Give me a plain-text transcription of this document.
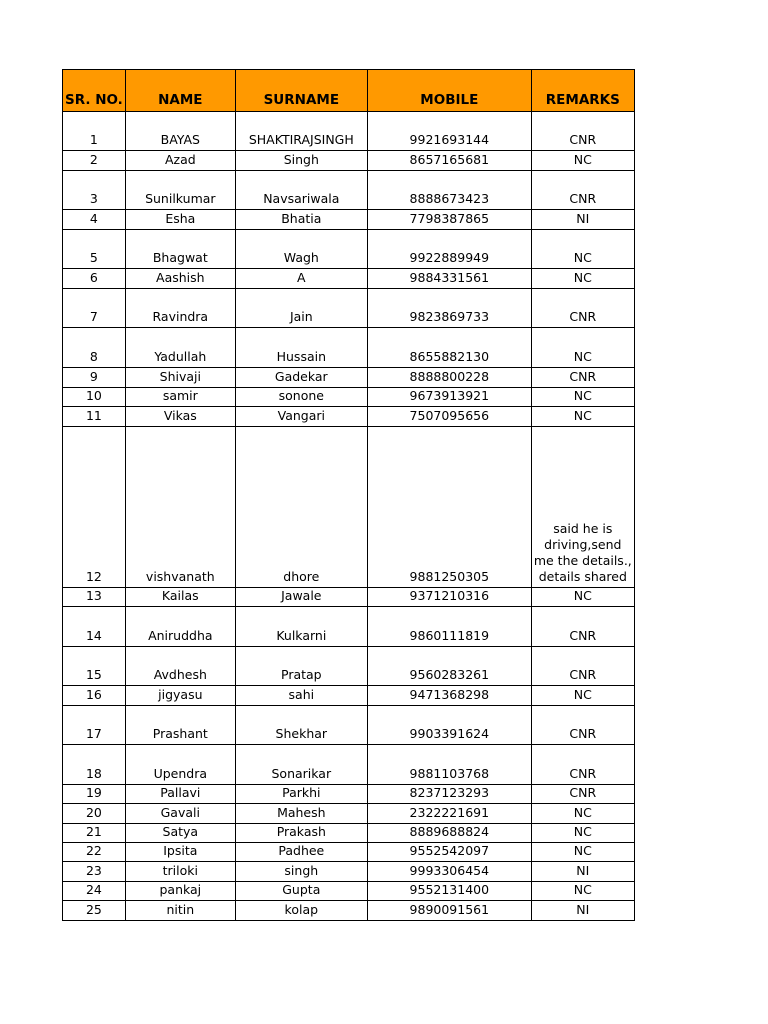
SR. NO.	NAME	SURNAME	MOBILE	REMARKS
1	BAYAS	SHAKTIRAJSINGH	9921693144	CNR
2	Azad	Singh	8657165681	NC
3	Sunilkumar	Navsariwala	8888673423	CNR
4	Esha	Bhatia	7798387865	NI
5	Bhagwat	Wagh	9922889949	NC
6	Aashish	A	9884331561	NC
7	Ravindra	Jain	9823869733	CNR
8	Yadullah	Hussain	8655882130	NC
9	Shivaji	Gadekar	8888800228	CNR
10	samir	sonone	9673913921	NC
11	Vikas	Vangari	7507095656	NC
12	vishvanath	dhore	9881250305	said he is driving,send me the details., details shared
13	Kailas	Jawale	9371210316	NC
14	Aniruddha	Kulkarni	9860111819	CNR
15	Avdhesh	Pratap	9560283261	CNR
16	jigyasu	sahi	9471368298	NC
17	Prashant	Shekhar	9903391624	CNR
18	Upendra	Sonarikar	9881103768	CNR
19	Pallavi	Parkhi	8237123293	CNR
20	Gavali	Mahesh	2322221691	NC
21	Satya	Prakash	8889688824	NC
22	Ipsita	Padhee	9552542097	NC
23	triloki	singh	9993306454	NI
24	pankaj	Gupta	9552131400	NC
25	nitin	kolap	9890091561	NI
